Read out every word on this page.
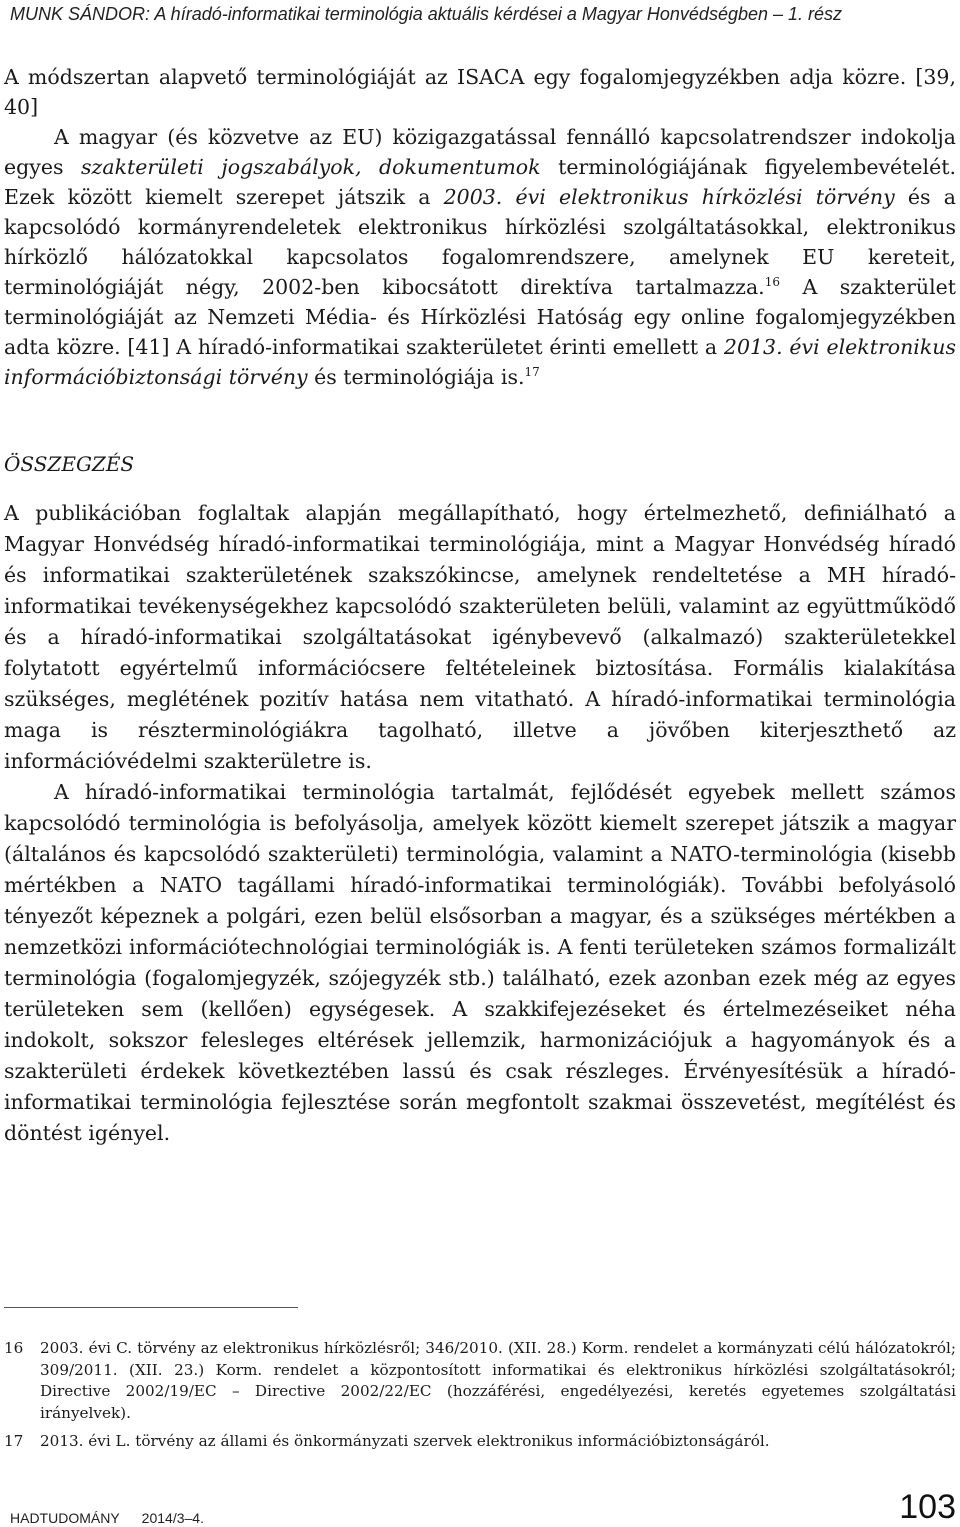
MUNK SÁNDOR: A híradó-informatikai terminológia aktuális kérdései a Magyar Honvédségben – 1. rész

A módszertan alapvető terminológiáját az ISACA egy fogalomjegyzékben adja közre. [39, 40]

A magyar (és közvetve az EU) közigazgatással fennálló kapcsolatrendszer indokolja egyes szakterületi jogszabályok, dokumentumok terminológiájának figyelembevételét. Ezek között kiemelt szerepet játszik a 2003. évi elektronikus hírközlési törvény és a kapcsolódó kormányrendeletek elektronikus hírközlési szolgáltatásokkal, elektronikus hírközlő hálózatokkal kapcsolatos fogalomrendszere, amelynek EU kereteit, terminológiáját négy, 2002-ben kibocsátott direktíva tartalmazza.$^{16}$ A szakterület terminológiáját az Nemzeti Média- és Hírközlési Hatóság egy online fogalomjegyzékben adta közre. [41] A híradó-informatikai szakterületet érinti emellett a 2013. évi elektronikus információbiztonsági törvény és terminológiája is.$^{17}$

ÖSSZEGZÉS

A publikációban foglaltak alapján megállapítható, hogy értelmezhető, definiálható a Magyar Honvédség híradó-informatikai terminológiája, mint a Magyar Honvédség híradó és informatikai szakterületének szakszókincse, amelynek rendeltetése a MH híradó-informatikai tevékenységekhez kapcsolódó szakterületen belüli, valamint az együttműködő és a híradó-informatikai szolgáltatásokat igénybevevő (alkalmazó) szakterületekkel folytatott egyértelmű információcsere feltételeinek biztosítása. Formális kialakítása szükséges, meglétének pozitív hatása nem vitatható. A híradó-informatikai terminológia maga is részterminológiákra tagolható, illetve a jövőben kiterjeszthető az információvédelmi szakterületre is.

A híradó-informatikai terminológia tartalmát, fejlődését egyebek mellett számos kapcsolódó terminológia is befolyásolja, amelyek között kiemelt szerepet játszik a magyar (általános és kapcsolódó szakterületi) terminológia, valamint a NATO-terminológia (kisebb mértékben a NATO tagállami híradó-informatikai terminológiák). További befolyásoló tényezőt képeznek a polgári, ezen belül elsősorban a magyar, és a szükséges mértékben a nemzetközi információtechnológiai terminológiák is. A fenti területeken számos formalizált terminológia (fogalomjegyzék, szójegyzék stb.) található, ezek azonban ezek még az egyes területeken sem (kellően) egységesek. A szakkifejezéseket és értelmezéseiket néha indokolt, sokszor felesleges eltérések jellemzik, harmonizációjuk a hagyományok és a szakterületi érdekek következtében lassú és csak részleges. Érvényesítésük a híradó-informatikai terminológia fejlesztése során megfontolt szakmai összevetést, megítélést és döntést igényel.

16	2003. évi C. törvény az elektronikus hírközlésről; 346/2010. (XII. 28.) Korm. rendelet a kormányzati célú hálózatokról; 309/2011. (XII. 23.) Korm. rendelet a központosított informatikai és elektronikus hírközlési szolgáltatásokról; Directive 2002/19/EC – Directive 2002/22/EC (hozzáférési, engedélyezési, keretés egyetemes szolgáltatási irányelvek).
17	2013. évi L. törvény az állami és önkormányzati szervek elektronikus információbiztonságáról.
HADTUDOMÁNY 2014/3–4.	103
